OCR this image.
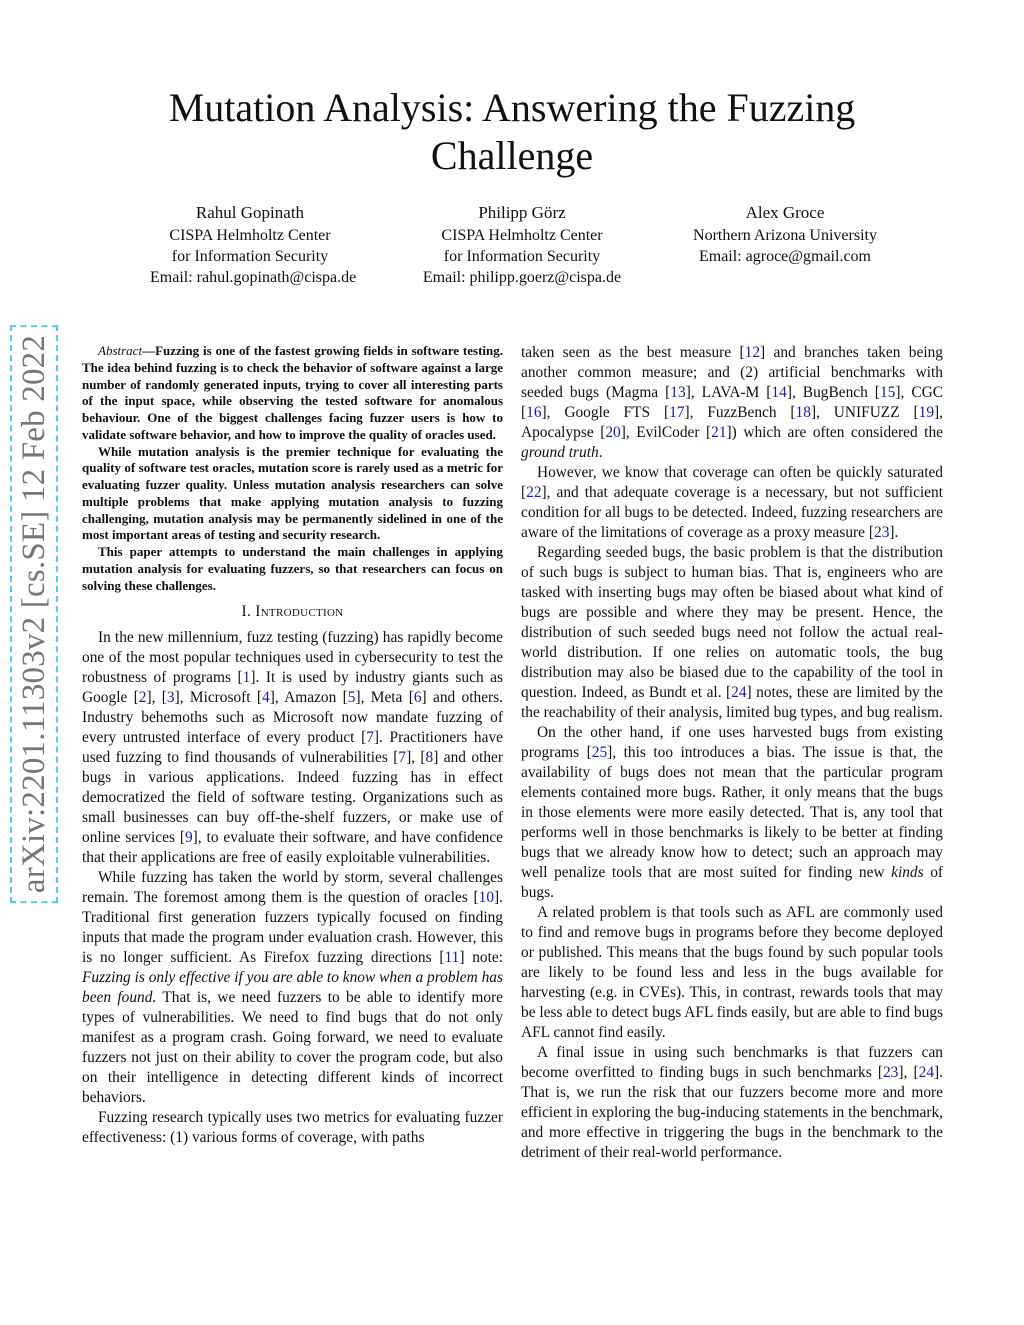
arXiv:2201.11303v2 [cs.SE] 12 Feb 2022
Mutation Analysis: Answering the Fuzzing
Challenge
Rahul Gopinath
CISPA Helmholtz Center
for Information Security
Email: rahul.gopinath@cispa.de
Philipp Görz
CISPA Helmholtz Center
for Information Security
Email: philipp.goerz@cispa.de
Alex Groce
Northern Arizona University
Email: agroce@gmail.com

Abstract—Fuzzing is one of the fastest growing fields in software testing. The idea behind fuzzing is to check the behavior of software against a large number of randomly generated inputs, trying to cover all interesting parts of the input space, while observing the tested software for anomalous behaviour. One of the biggest challenges facing fuzzer users is how to validate software behavior, and how to improve the quality of oracles used.

While mutation analysis is the premier technique for evaluating the quality of software test oracles, mutation score is rarely used as a metric for evaluating fuzzer quality. Unless mutation analysis researchers can solve multiple problems that make applying mutation analysis to fuzzing challenging, mutation analysis may be permanently sidelined in one of the most important areas of testing and security research.

This paper attempts to understand the main challenges in applying mutation analysis for evaluating fuzzers, so that researchers can focus on solving these challenges.

I. Introduction

In the new millennium, fuzz testing (fuzzing) has rapidly become one of the most popular techniques used in cybersecurity to test the robustness of programs [1]. It is used by industry giants such as Google [2], [3], Microsoft [4], Amazon [5], Meta [6] and others. Industry behemoths such as Microsoft now mandate fuzzing of every untrusted interface of every product [7]. Practitioners have used fuzzing to find thousands of vulnerabilities [7], [8] and other bugs in various applications. Indeed fuzzing has in effect democratized the field of software testing. Organizations such as small businesses can buy off-the-shelf fuzzers, or make use of online services [9], to evaluate their software, and have confidence that their applications are free of easily exploitable vulnerabilities.

While fuzzing has taken the world by storm, several challenges remain. The foremost among them is the question of oracles [10]. Traditional first generation fuzzers typically focused on finding inputs that made the program under evaluation crash. However, this is no longer sufficient. As Firefox fuzzing directions [11] note: Fuzzing is only effective if you are able to know when a problem has been found. That is, we need fuzzers to be able to identify more types of vulnerabilities. We need to find bugs that do not only manifest as a program crash. Going forward, we need to evaluate fuzzers not just on their ability to cover the program code, but also on their intelligence in detecting different kinds of incorrect behaviors.

Fuzzing research typically uses two metrics for evaluating fuzzer effectiveness: (1) various forms of coverage, with paths

taken seen as the best measure [12] and branches taken being another common measure; and (2) artificial benchmarks with seeded bugs (Magma [13], LAVA-M [14], BugBench [15], CGC [16], Google FTS [17], FuzzBench [18], UNIFUZZ [19], Apocalypse [20], EvilCoder [21]) which are often considered the ground truth.

However, we know that coverage can often be quickly saturated [22], and that adequate coverage is a necessary, but not sufficient condition for all bugs to be detected. Indeed, fuzzing researchers are aware of the limitations of coverage as a proxy measure [23].

Regarding seeded bugs, the basic problem is that the distribution of such bugs is subject to human bias. That is, engineers who are tasked with inserting bugs may often be biased about what kind of bugs are possible and where they may be present. Hence, the distribution of such seeded bugs need not follow the actual real-world distribution. If one relies on automatic tools, the bug distribution may also be biased due to the capability of the tool in question. Indeed, as Bundt et al. [24] notes, these are limited by the the reachability of their analysis, limited bug types, and bug realism.

On the other hand, if one uses harvested bugs from existing programs [25], this too introduces a bias. The issue is that, the availability of bugs does not mean that the particular program elements contained more bugs. Rather, it only means that the bugs in those elements were more easily detected. That is, any tool that performs well in those benchmarks is likely to be better at finding bugs that we already know how to detect; such an approach may well penalize tools that are most suited for finding new kinds of bugs.

A related problem is that tools such as AFL are commonly used to find and remove bugs in programs before they become deployed or published. This means that the bugs found by such popular tools are likely to be found less and less in the bugs available for harvesting (e.g. in CVEs). This, in contrast, rewards tools that may be less able to detect bugs AFL finds easily, but are able to find bugs AFL cannot find easily.

A final issue in using such benchmarks is that fuzzers can become overfitted to finding bugs in such benchmarks [23], [24]. That is, we run the risk that our fuzzers become more and more efficient in exploring the bug-inducing statements in the benchmark, and more effective in triggering the bugs in the benchmark to the detriment of their real-world performance.
